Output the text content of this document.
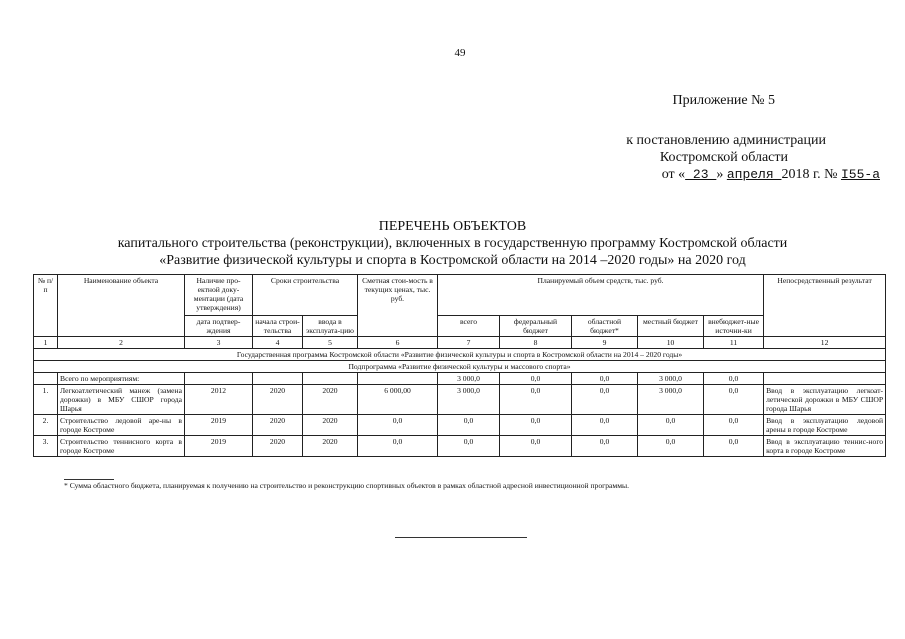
49
Приложение № 5
к постановлению администрации
Костромской области
от « 23 » апреля 2018 г. № I55-а
ПЕРЕЧЕНЬ ОБЪЕКТОВ
капитального строительства (реконструкции), включенных в государственную программу Костромской области
«Развитие физической культуры и спорта в Костромской области на 2014 –2020 годы» на 2020 год
№ п/п	Наименование объекта	Наличие про-ектной доку-ментации (дата утверждения)	Сроки строительства		Сметная стои-мость в текущих ценах, тыс. руб.	Планируемый объем средств, тыс. руб.					Непосредственный результат
		дата подтвер-ждения	начала строи-тельства	ввода в эксплуата-цию		всего	федеральный бюджет	областной бюджет*	местный бюджет	внебюджет-ные источни-ки	
1	2	3	4	5	6	7	8	9	10	11	12
Государственная программа Костромской области «Развитие физической культуры и спорта в Костромской области на 2014 – 2020 годы»											
Подпрограмма «Развитие физической культуры и массового спорта»											
	Всего по мероприятиям:					3 000,0	0,0	0,0	3 000,0	0,0	
1.	Легкоатлетический манеж (замена дорожки) в МБУ СШОР города Шарья	2012	2020	2020	6 000,00	3 000,0	0,0	0,0	3 000,0	0,0	Ввод в эксплуатацию легкоат-летической дорожки в МБУ СШОР города Шарья
2.	Строительство ледовой аре-ны в городе Костроме	2019	2020	2020	0,0	0,0	0,0	0,0	0,0	0,0	Ввод в эксплуатацию ледовой арены в городе Костроме
3.	Строительство теннисного корта в городе Костроме	2019	2020	2020	0,0	0,0	0,0	0,0	0,0	0,0	Ввод в эксплуатацию теннис-ного корта в городе Костроме
* Сумма областного бюджета, планируемая к получению на строительство и реконструкцию спортивных объектов в рамках областной адресной инвестиционной программы.
